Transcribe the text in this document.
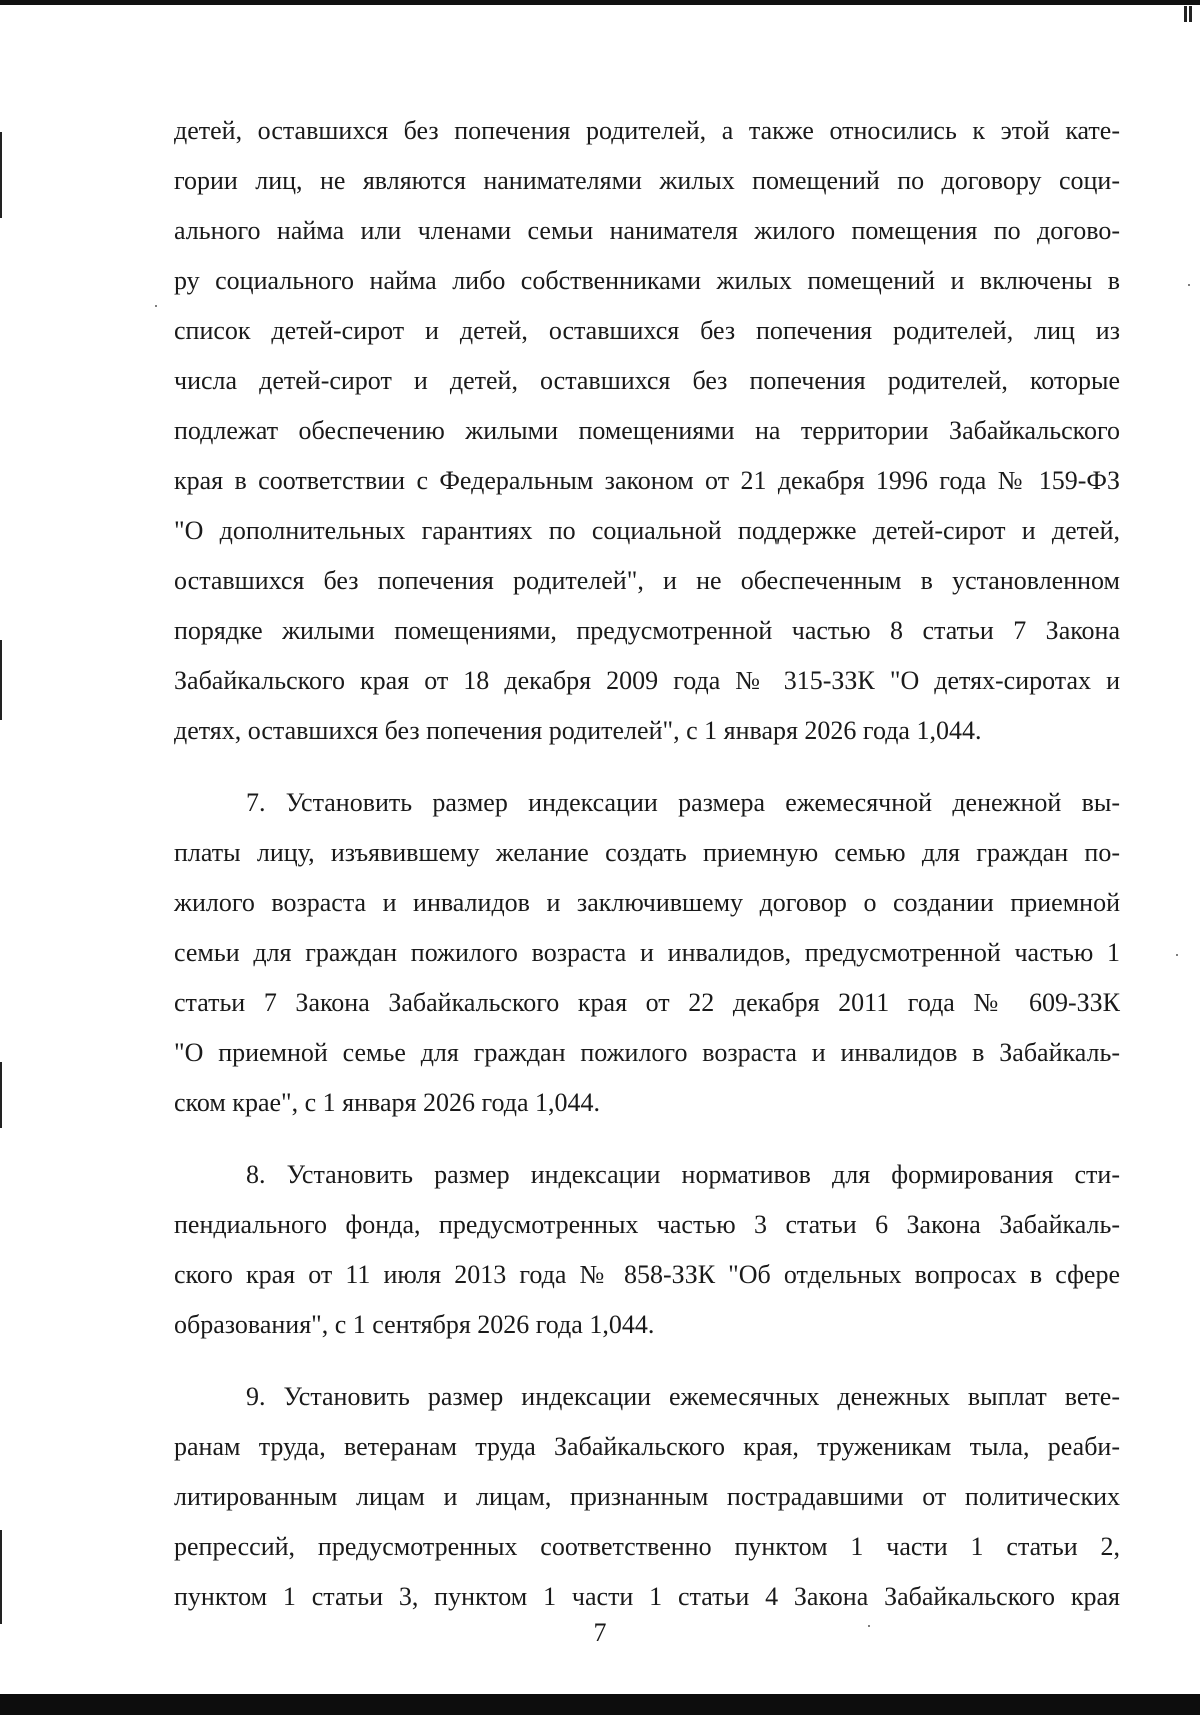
детей, оставшихся без попечения родителей, а также относились к этой кате-
гории лиц, не являются нанимателями жилых помещений по договору соци-
ального найма или членами семьи нанимателя жилого помещения по догово-
ру социального найма либо собственниками жилых помещений и включены в
список детей-сирот и детей, оставшихся без попечения родителей, лиц из
числа детей-сирот и детей, оставшихся без попечения родителей, которые
подлежат обеспечению жилыми помещениями на территории Забайкальского
края в соответствии с Федеральным законом от 21 декабря 1996 года № 159-ФЗ
"О дополнительных гарантиях по социальной поддержке детей-сирот и детей,
оставшихся без попечения родителей", и не обеспеченным в установленном
порядке жилыми помещениями, предусмотренной частью 8 статьи 7 Закона
Забайкальского края от 18 декабря 2009 года № 315-ЗЗК "О детях-сиротах и
детях, оставшихся без попечения родителей", с 1 января 2026 года 1,044.
7. Установить размер индексации размера ежемесячной денежной вы-
платы лицу, изъявившему желание создать приемную семью для граждан по-
жилого возраста и инвалидов и заключившему договор о создании приемной
семьи для граждан пожилого возраста и инвалидов, предусмотренной частью 1
статьи 7 Закона Забайкальского края от 22 декабря 2011 года № 609-ЗЗК
"О приемной семье для граждан пожилого возраста и инвалидов в Забайкаль-
ском крае", с 1 января 2026 года 1,044.
8. Установить размер индексации нормативов для формирования сти-
пендиального фонда, предусмотренных частью 3 статьи 6 Закона Забайкаль-
ского края от 11 июля 2013 года № 858-ЗЗК "Об отдельных вопросах в сфере
образования", с 1 сентября 2026 года 1,044.
9. Установить размер индексации ежемесячных денежных выплат вете-
ранам труда, ветеранам труда Забайкальского края, труженикам тыла, реаби-
литированным лицам и лицам, признанным пострадавшими от политических
репрессий, предусмотренных соответственно пунктом 1 части 1 статьи 2,
пунктом 1 статьи 3, пунктом 1 части 1 статьи 4 Закона Забайкальского края
7
